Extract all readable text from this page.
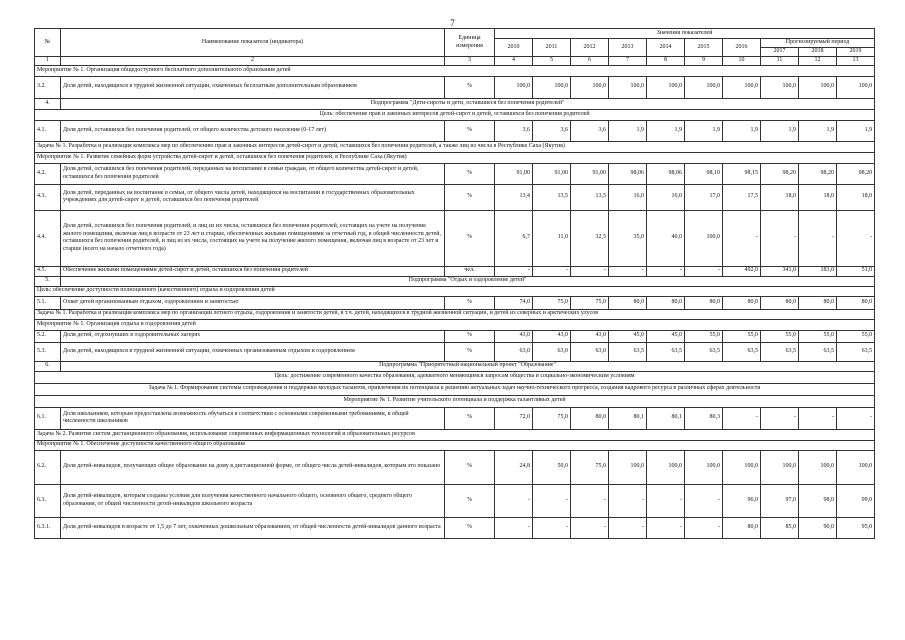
7
№	Наименование показателя (индикатора)	Единица измерения	Значения показателей									
			2010	2011	2012	2013	2014	2015	2016	Прогнозируемый период		
										2017	2018	2019
1	2	3	4	5	6	7	8	9	10	11	12	13
Мероприятие № 1. Организация общедоступного бесплатного дополнительного образования детей												
3.2.	Доля детей, находящихся в трудной жизненной ситуации, охваченных бесплатным дополнительным образованием	%	100,0	100,0	100,0	100,0	100,0	100,0	100,0	100,0	100,0	100,0
4.	Подпрограмма "Дети-сироты и дети, оставшиеся без попечения родителей"											
Цель: обеспечение прав и законных интересов детей-сирот и детей, оставшихся без попечения родителей												
4.1.	Доля детей, оставшихся без попечения родителей, от общего количества детского населения (0-17 лет)	%	3,6	3,6	3,6	1,9	1,9	1,9	1,9	1,9	1,9	1,9
Задача № 1. Разработка и реализация комплекса мер по обеспечению прав и законных интересов детей-сирот и детей, оставшихся без попечения родителей, а также лиц из числа в Республике Саха (Якутия)												
Мероприятие № 1. Развитие семейных форм устройства детей-сирот и детей, оставшихся без попечения родителей, в Республике Саха (Якутия)												
4.2.	Доля детей, оставшихся без попечения родителей, переданных на воспитание в семьи граждан, от общего количества детей-сирот и детей, оставшихся без попечения родителей	%	91,00	91,00	91,00	98,06	98,06	98,10	98,15	98,20	98,20	98,20
4.3.	Доля детей, переданных на воспитание в семьи, от общего числа детей, находящихся на воспитании в государственных образовательных учреждениях для детей-сирот и детей, оставшихся без попечения родителей	%	13,4	13,5	13,5	16,0	16,0	17,0	17,5	18,0	18,0	18,0
4.4.	Доля детей, оставшихся без попечения родителей, и лиц из их числа, оставшихся без попечения родителей, состоящих на учете на получение жилого помещения, включая лиц в возрасте от 23 лет и старше, обеспеченных жилыми помещениями за отчетный год, в общей численности детей, оставшихся без попечения родителей, и лиц из их числа, состоящих на учете на получение жилого помещения, включая лиц в возрасте от 23 лет и старше (всего на начало отчетного года)	%	6,7	11,0	32,5	35,0	40,0	100,0	-	-	-	-
4.5.	Обеспечение жилыми помещениями детей-сирот и детей, оставшихся без попечения родителей	чел.	-	-	-	-	-	-	492,0	341,0	183,0	51,0
5.	Подпрограмма "Отдых и оздоровление детей"											
Цель: обеспечение доступности полноценного (качественного) отдыха и оздоровления детей												
5.1.	Охват детей организованным отдыхом, оздоровлением и занятостью	%	74,0	75,0	75,0	80,0	80,0	80,0	80,0	80,0	80,0	80,0
Задача № 1. Разработка и реализация комплекса мер по организации летнего отдыха, оздоровления и занятости детей, в т.ч. детей, находящихся в трудной жизненной ситуации, и детей из северных и арктических улусов												
Мероприятие № 1. Организация отдыха и оздоровления детей												
5.2.	Доля детей, отдохнувших в оздоровительных лагерях	%	43,0	43,0	43,0	45,0	45,0	55,0	55,0	55,0	55,0	55,0
5.3.	Доля детей, находящихся в трудной жизненной ситуации, охваченных организованным отдыхом и оздоровлением	%	63,0	63,0	63,0	63,5	63,5	63,5	63,5	63,5	63,5	63,5
6.	Подпрограмма "Приоритетный национальный проект "Образование"											
Цель: достижение современного качества образования, адекватного меняющимся запросам общества и социально-экономическим условиям												
Задача № 1. Формирование системы сопровождения и поддержки молодых талантов, привлечения их потенциала к решению актуальных задач научно-технического прогресса, создания кадрового ресурса в различных сферах деятельности												
Мероприятие № 1. Развитие учительского потенциала и поддержка талантливых детей												
6.1.	Доля школьников, которым предоставлена возможность обучаться в соответствии с основными современными требованиями, в общей численности школьников	%	72,0	75,0	80,0	80,1	80,1	80,3	-	-	-	-
Задача № 2. Развитие систем дистанционного образования, использование современных информационных технологий и образовательных ресурсов												
Мероприятие № 1. Обеспечение доступности качественного общего образования												
6.2.	Доля детей-инвалидов, получающих общее образование на дому в дистанционной форме, от общего числа детей-инвалидов, которым это показано	%	24,8	50,0	75,0	100,0	100,0	100,0	100,0	100,0	100,0	100,0
6.3.	Доля детей-инвалидов, которым созданы условия для получения качественного начального общего, основного общего, среднего общего образования, от общей численности детей-инвалидов школьного возраста	%	-	-	-	-	-	-	96,0	97,0	98,0	99,0
6.3.1.	Доля детей-инвалидов в возрасте от 1,5 до 7 лет, охваченных дошкольным образованием, от общей численности детей-инвалидов данного возраста	%	-	-	-	-	-	-	80,0	85,0	90,0	95,0
